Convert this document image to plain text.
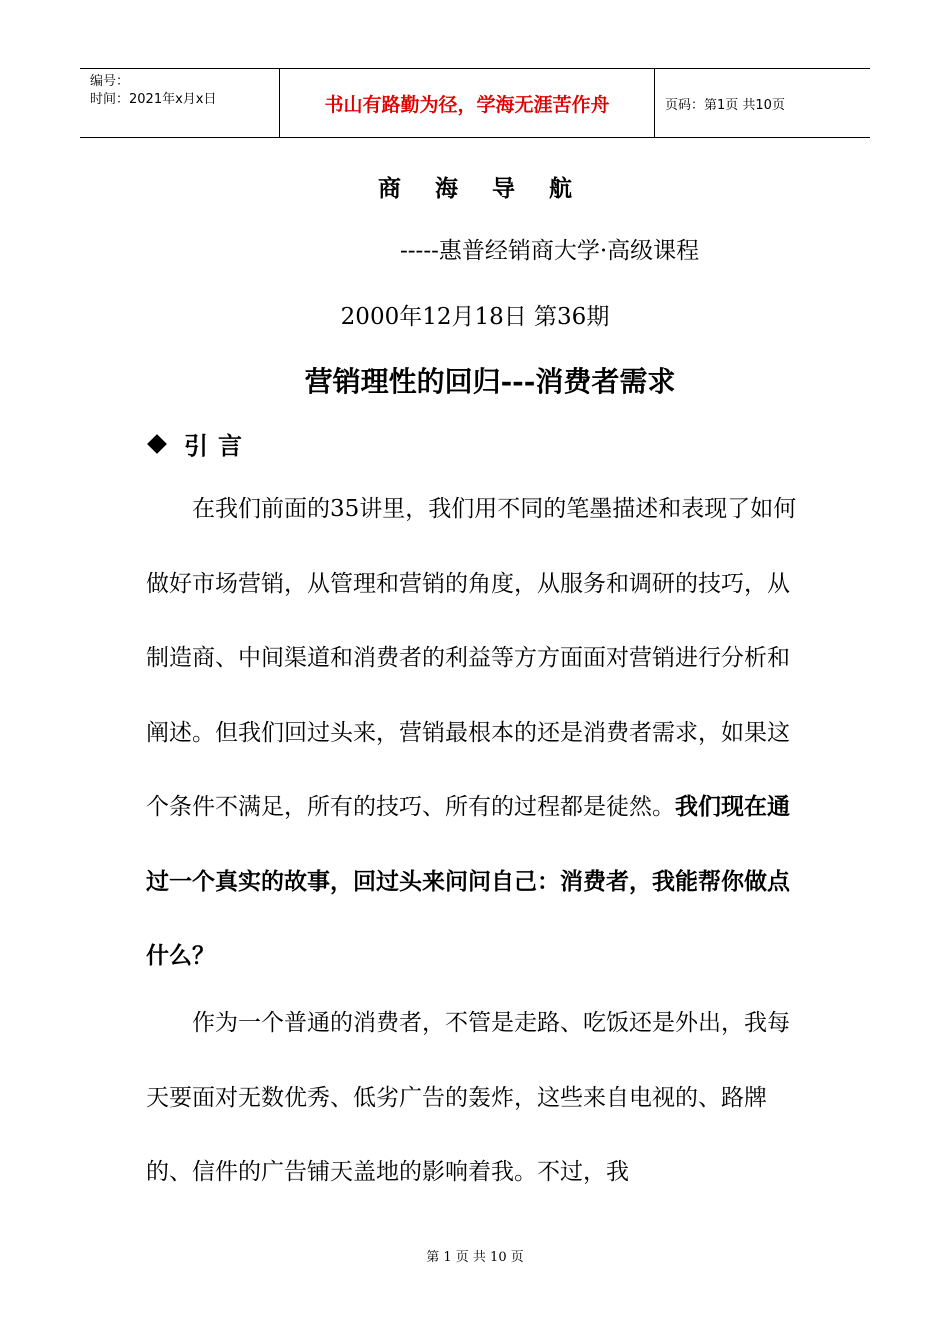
编号：
时间：2021年x月x日	书山有路勤为径，学海无涯苦作舟	页码：第1页 共10页
商海导航
-----惠普经销商大学·高级课程
2000年12月18日 第36期
营销理性的回归---消费者需求
引言
在我们前面的35讲里，我们用不同的笔墨描述和表现了如何做好市场营销，从管理和营销的角度，从服务和调研的技巧，从制造商、中间渠道和消费者的利益等方方面面对营销进行分析和阐述。但我们回过头来，营销最根本的还是消费者需求，如果这个条件不满足，所有的技巧、所有的过程都是徒然。我们现在通过一个真实的故事，回过头来问问自己：消费者，我能帮你做点什么？
作为一个普通的消费者，不管是走路、吃饭还是外出，我每天要面对无数优秀、低劣广告的轰炸，这些来自电视的、路牌的、信件的广告铺天盖地的影响着我。不过，我
第 1 页 共 10 页
